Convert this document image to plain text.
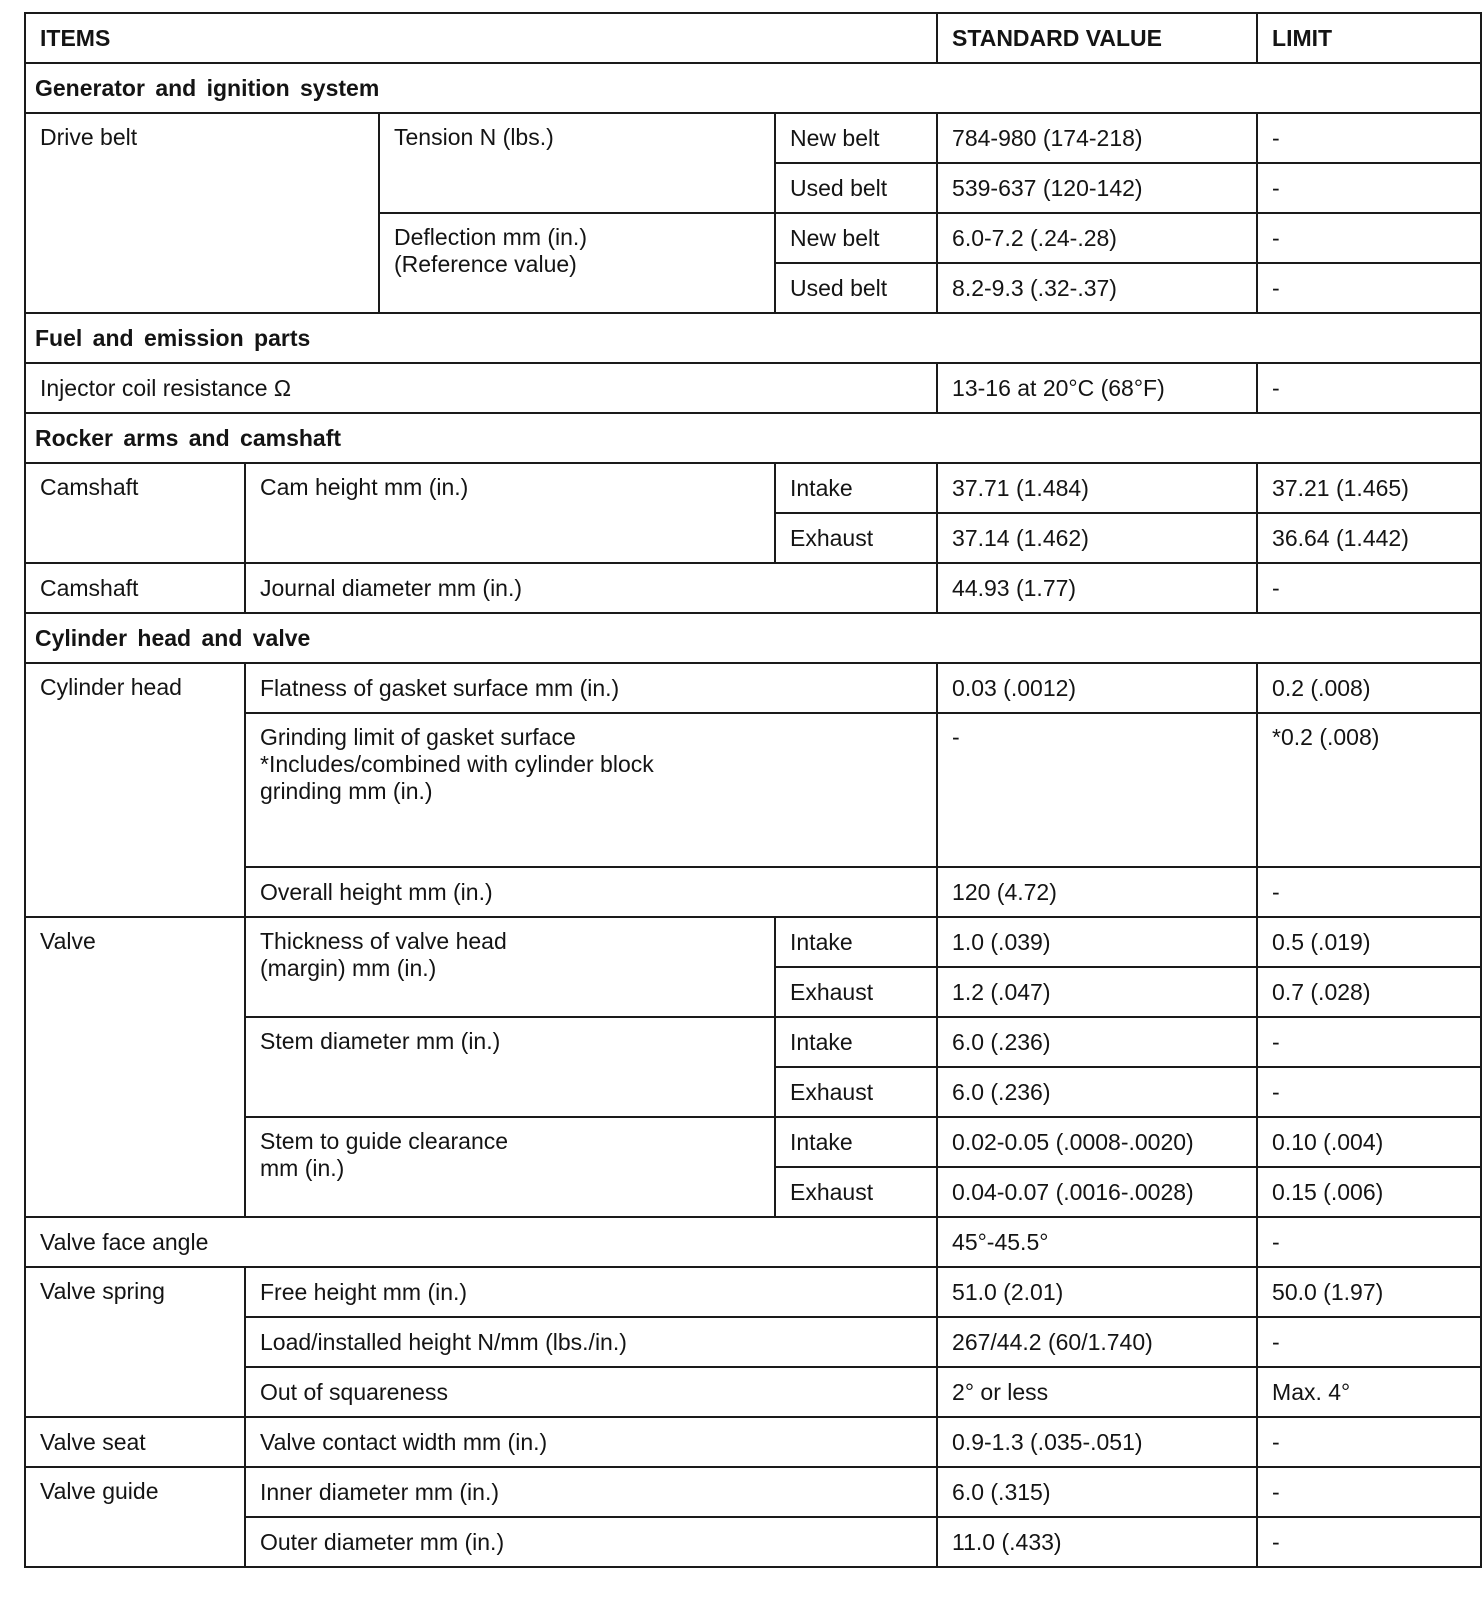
ITEMS				STANDARD VALUE	LIMIT
Generator and ignition system					
Drive belt		Tension N (lbs.)	New belt	784-980 (174-218)	-
			Used belt	539-637 (120-142)	-
		Deflection mm (in.)
(Reference value)	New belt	6.0-7.2 (.24-.28)	-
			Used belt	8.2-9.3 (.32-.37)	-
Fuel and emission parts					
Injector coil resistance Ω				13-16 at 20°C (68°F)	-
Rocker arms and camshaft					
Camshaft	Cam height mm (in.)		Intake	37.71 (1.484)	37.21 (1.465)
			Exhaust	37.14 (1.462)	36.64 (1.442)
Camshaft	Journal diameter mm (in.)			44.93 (1.77)	-
Cylinder head and valve					
Cylinder head	Flatness of gasket surface mm (in.)			0.03 (.0012)	0.2 (.008)
	Grinding limit of gasket surface
*Includes/combined with cylinder block
grinding mm (in.)			-	*0.2 (.008)
	Overall height mm (in.)			120 (4.72)	-
Valve	Thickness of valve head
(margin) mm (in.)		Intake	1.0 (.039)	0.5 (.019)
			Exhaust	1.2 (.047)	0.7 (.028)
	Stem diameter mm (in.)		Intake	6.0 (.236)	-
			Exhaust	6.0 (.236)	-
	Stem to guide clearance
mm (in.)		Intake	0.02-0.05 (.0008-.0020)	0.10 (.004)
			Exhaust	0.04-0.07 (.0016-.0028)	0.15 (.006)
Valve face angle				45°-45.5°	-
Valve spring	Free height mm (in.)			51.0 (2.01)	50.0 (1.97)
	Load/installed height N/mm (lbs./in.)			267/44.2 (60/1.740)	-
	Out of squareness			2° or less	Max. 4°
Valve seat	Valve contact width mm (in.)			0.9-1.3 (.035-.051)	-
Valve guide	Inner diameter mm (in.)			6.0 (.315)	-
	Outer diameter mm (in.)			11.0 (.433)	-
